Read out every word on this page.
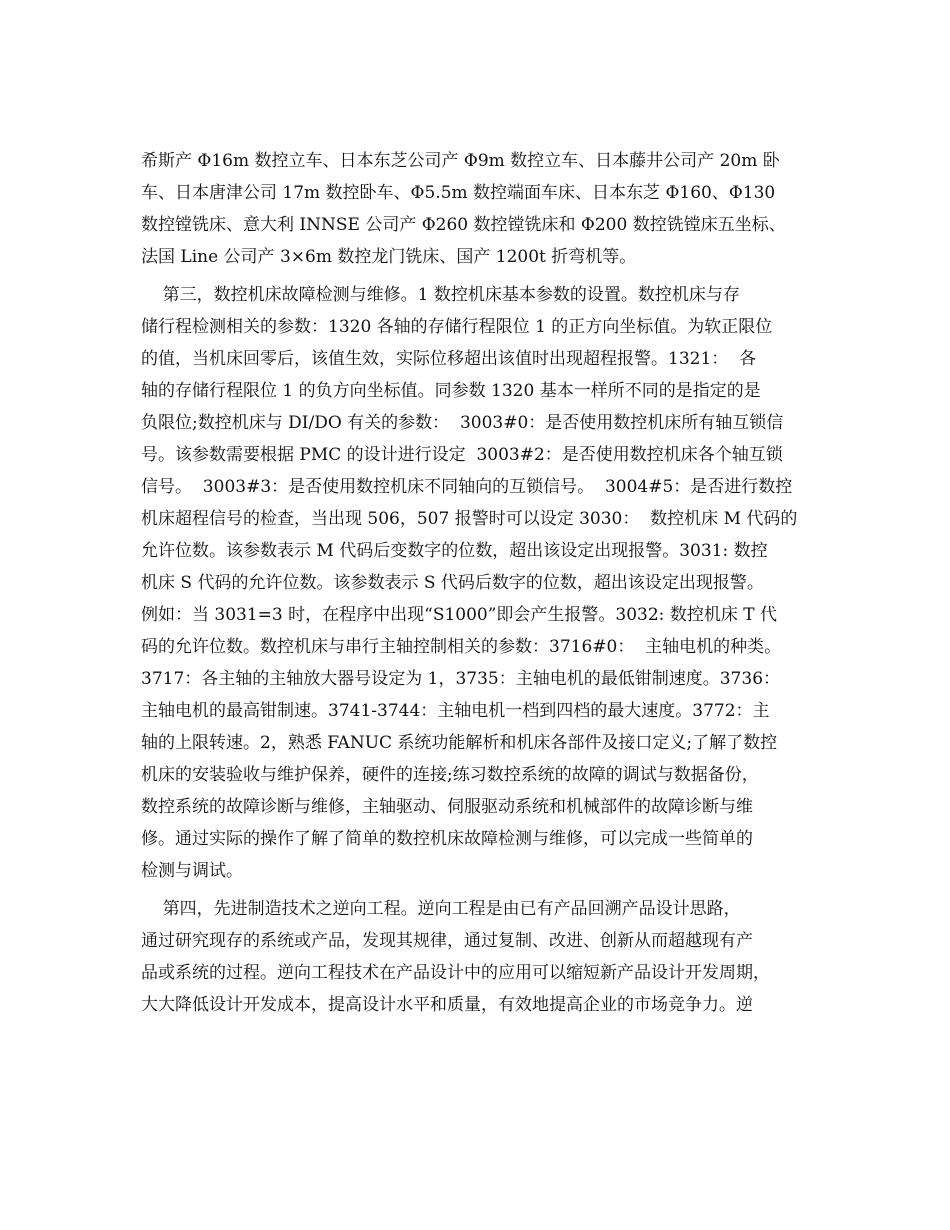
希斯产 Φ16m 数控立车、日本东芝公司产 Φ9m 数控立车、日本藤井公司产 20m 卧
车、日本唐津公司 17m 数控卧车、Φ5.5m 数控端面车床、日本东芝 Φ160、Φ130
数控镗铣床、意大利 INNSE 公司产 Φ260 数控镗铣床和 Φ200 数控铣镗床五坐标、
法国 Line 公司产 3×6m 数控龙门铣床、国产 1200t 折弯机等。
第三，数控机床故障检测与维修。1 数控机床基本参数的设置。数控机床与存
储行程检测相关的参数：1320 各轴的存储行程限位 1 的正方向坐标值。为软正限位
的值，当机床回零后，该值生效，实际位移超出该值时出现超程报警。1321：  各
轴的存储行程限位 1 的负方向坐标值。同参数 1320 基本一样所不同的是指定的是
负限位;数控机床与 DI/DO 有关的参数：  3003#0：是否使用数控机床所有轴互锁信
号。该参数需要根据 PMC 的设计进行设定  3003#2：是否使用数控机床各个轴互锁
信号。  3003#3：是否使用数控机床不同轴向的互锁信号。  3004#5：是否进行数控
机床超程信号的检查，当出现 506，507 报警时可以设定 3030：  数控机床 M 代码的
允许位数。该参数表示 M 代码后变数字的位数，超出该设定出现报警。3031: 数控
机床 S 代码的允许位数。该参数表示 S 代码后数字的位数，超出该设定出现报警。
例如：当 3031=3 时，在程序中出现“S1000”即会产生报警。3032: 数控机床 T 代
码的允许位数。数控机床与串行主轴控制相关的参数：3716#0：  主轴电机的种类。
3717：各主轴的主轴放大器号设定为 1，3735：主轴电机的最低钳制速度。3736：
主轴电机的最高钳制速。3741-3744：主轴电机一档到四档的最大速度。3772：主
轴的上限转速。2，熟悉 FANUC 系统功能解析和机床各部件及接口定义;了解了数控
机床的安装验收与维护保养，硬件的连接;练习数控系统的故障的调试与数据备份，
数控系统的故障诊断与维修，主轴驱动、伺服驱动系统和机械部件的故障诊断与维
修。通过实际的操作了解了简单的数控机床故障检测与维修，可以完成一些简单的
检测与调试。
第四，先进制造技术之逆向工程。逆向工程是由已有产品回溯产品设计思路，
通过研究现存的系统或产品，发现其规律，通过复制、改进、创新从而超越现有产
品或系统的过程。逆向工程技术在产品设计中的应用可以缩短新产品设计开发周期，
大大降低设计开发成本，提高设计水平和质量，有效地提高企业的市场竞争力。逆
